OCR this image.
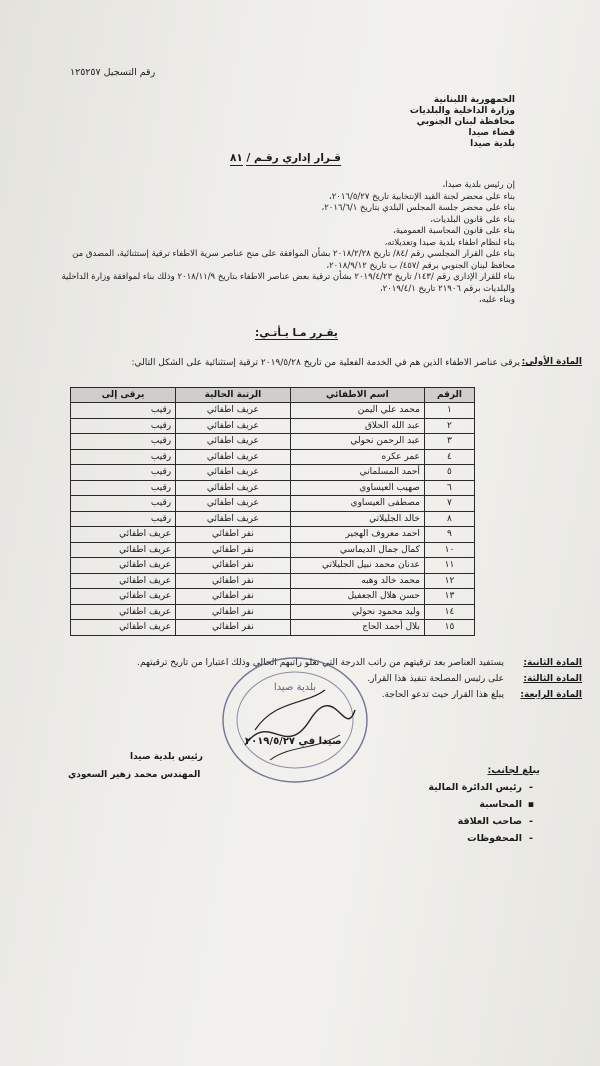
رقم التسجيل ١٢٥٢٥٧
الجمهورية اللبنانية
وزارة الداخلية والبلديات
محافظة لبنان الجنوبي
قضاء صيدا
بلدية صيدا
قـرار إداري رقـم / ٨١
إن رئيس بلدية صيدا،
بناء على محضر لجنة القيد الإنتخابية تاريخ ٢٠١٦/٥/٢٧،
بناء على محضر جلسة المجلس البلدي بتاريخ ٢٠١٦/٦/١،
بناء على قانون البلديات،
بناء على قانون المحاسبة العمومية،
بناء لنظام اطفاء بلدية صيدا وتعديلاته،
بناء على القرار المجلسي رقم /٨٤/ تاريخ ٢٠١٨/٢/٢٨ بشأن الموافقة على منح عناصر سرية الاطفاء ترقية إستثنائية، المصدق من محافظ لبنان الجنوبي برقم /٤٥٧/ ب تاريخ ٢٠١٨/٩/١٢،
بناء للقرار الإداري رقم /١٤٣/ تاريخ ٢٠١٩/٤/٢٣ بشأن ترقية بعض عناصر الاطفاء بتاريخ ٢٠١٨/١١/٩ وذلك بناء لموافقة وزارة الداخلية والبلديات برقم ٢١٩٠٦ تاريخ ٢٠١٩/٤/١،
وبناء عليه،
يقـرر مـا يـأتـي:
المادة الأولى:
يرقى عناصر الاطفاء الذين هم في الخدمة الفعلية من تاريخ ٢٠١٩/٥/٢٨ ترقية إستثنائية على الشكل التالي:
الرقم	اسم الاطفائي	الرتبة الحالية	يرقى إلى
١	محمد علي اليمن	عريف اطفائي	رقيب
٢	عبد الله الحلاق	عريف اطفائي	رقيب
٣	عبد الرحمن نحولي	عريف اطفائي	رقيب
٤	عمر عكره	عريف اطفائي	رقيب
٥	أحمد المسلماني	عريف اطفائي	رقيب
٦	صهيب العيساوي	عريف اطفائي	رقيب
٧	مصطفى العيساوي	عريف اطفائي	رقيب
٨	خالد الجليلاتي	عريف اطفائي	رقيب
٩	احمد معروف الهجير	نفر اطفائي	عريف اطفائي
١٠	كمال جمال الديماسي	نفر اطفائي	عريف اطفائي
١١	عدنان محمد نبيل الجليلاتي	نفر اطفائي	عريف اطفائي
١٢	محمد خالد وهبه	نفر اطفائي	عريف اطفائي
١٣	حسن هلال الجعفيل	نفر اطفائي	عريف اطفائي
١٤	وليد محمود نحولي	نفر اطفائي	عريف اطفائي
١٥	بلال أحمد الحاج	نفر اطفائي	عريف اطفائي
المادة الثانية:
يستفيد العناصر بعد ترقيتهم من راتب الدرجة التي تعلو راتبهم الحالي وذلك اعتبارا من تاريخ ترقيتهم.
المادة الثالثة:
على رئيس المصلحة تنفيذ هذا القرار.
المادة الرابعة:
يبلغ هذا القرار حيث تدعو الحاجة.
بلدية صيدا
صيدا في ٢٠١٩/٥/٢٧
رئيس بلدية صيدا
المهندس محمد زهير السعودي	يبلغ لجانب:
-
رئيس الدائرة المالية
▪
المحاسبة
-
صاحب العلاقة
-
المحفوظات
